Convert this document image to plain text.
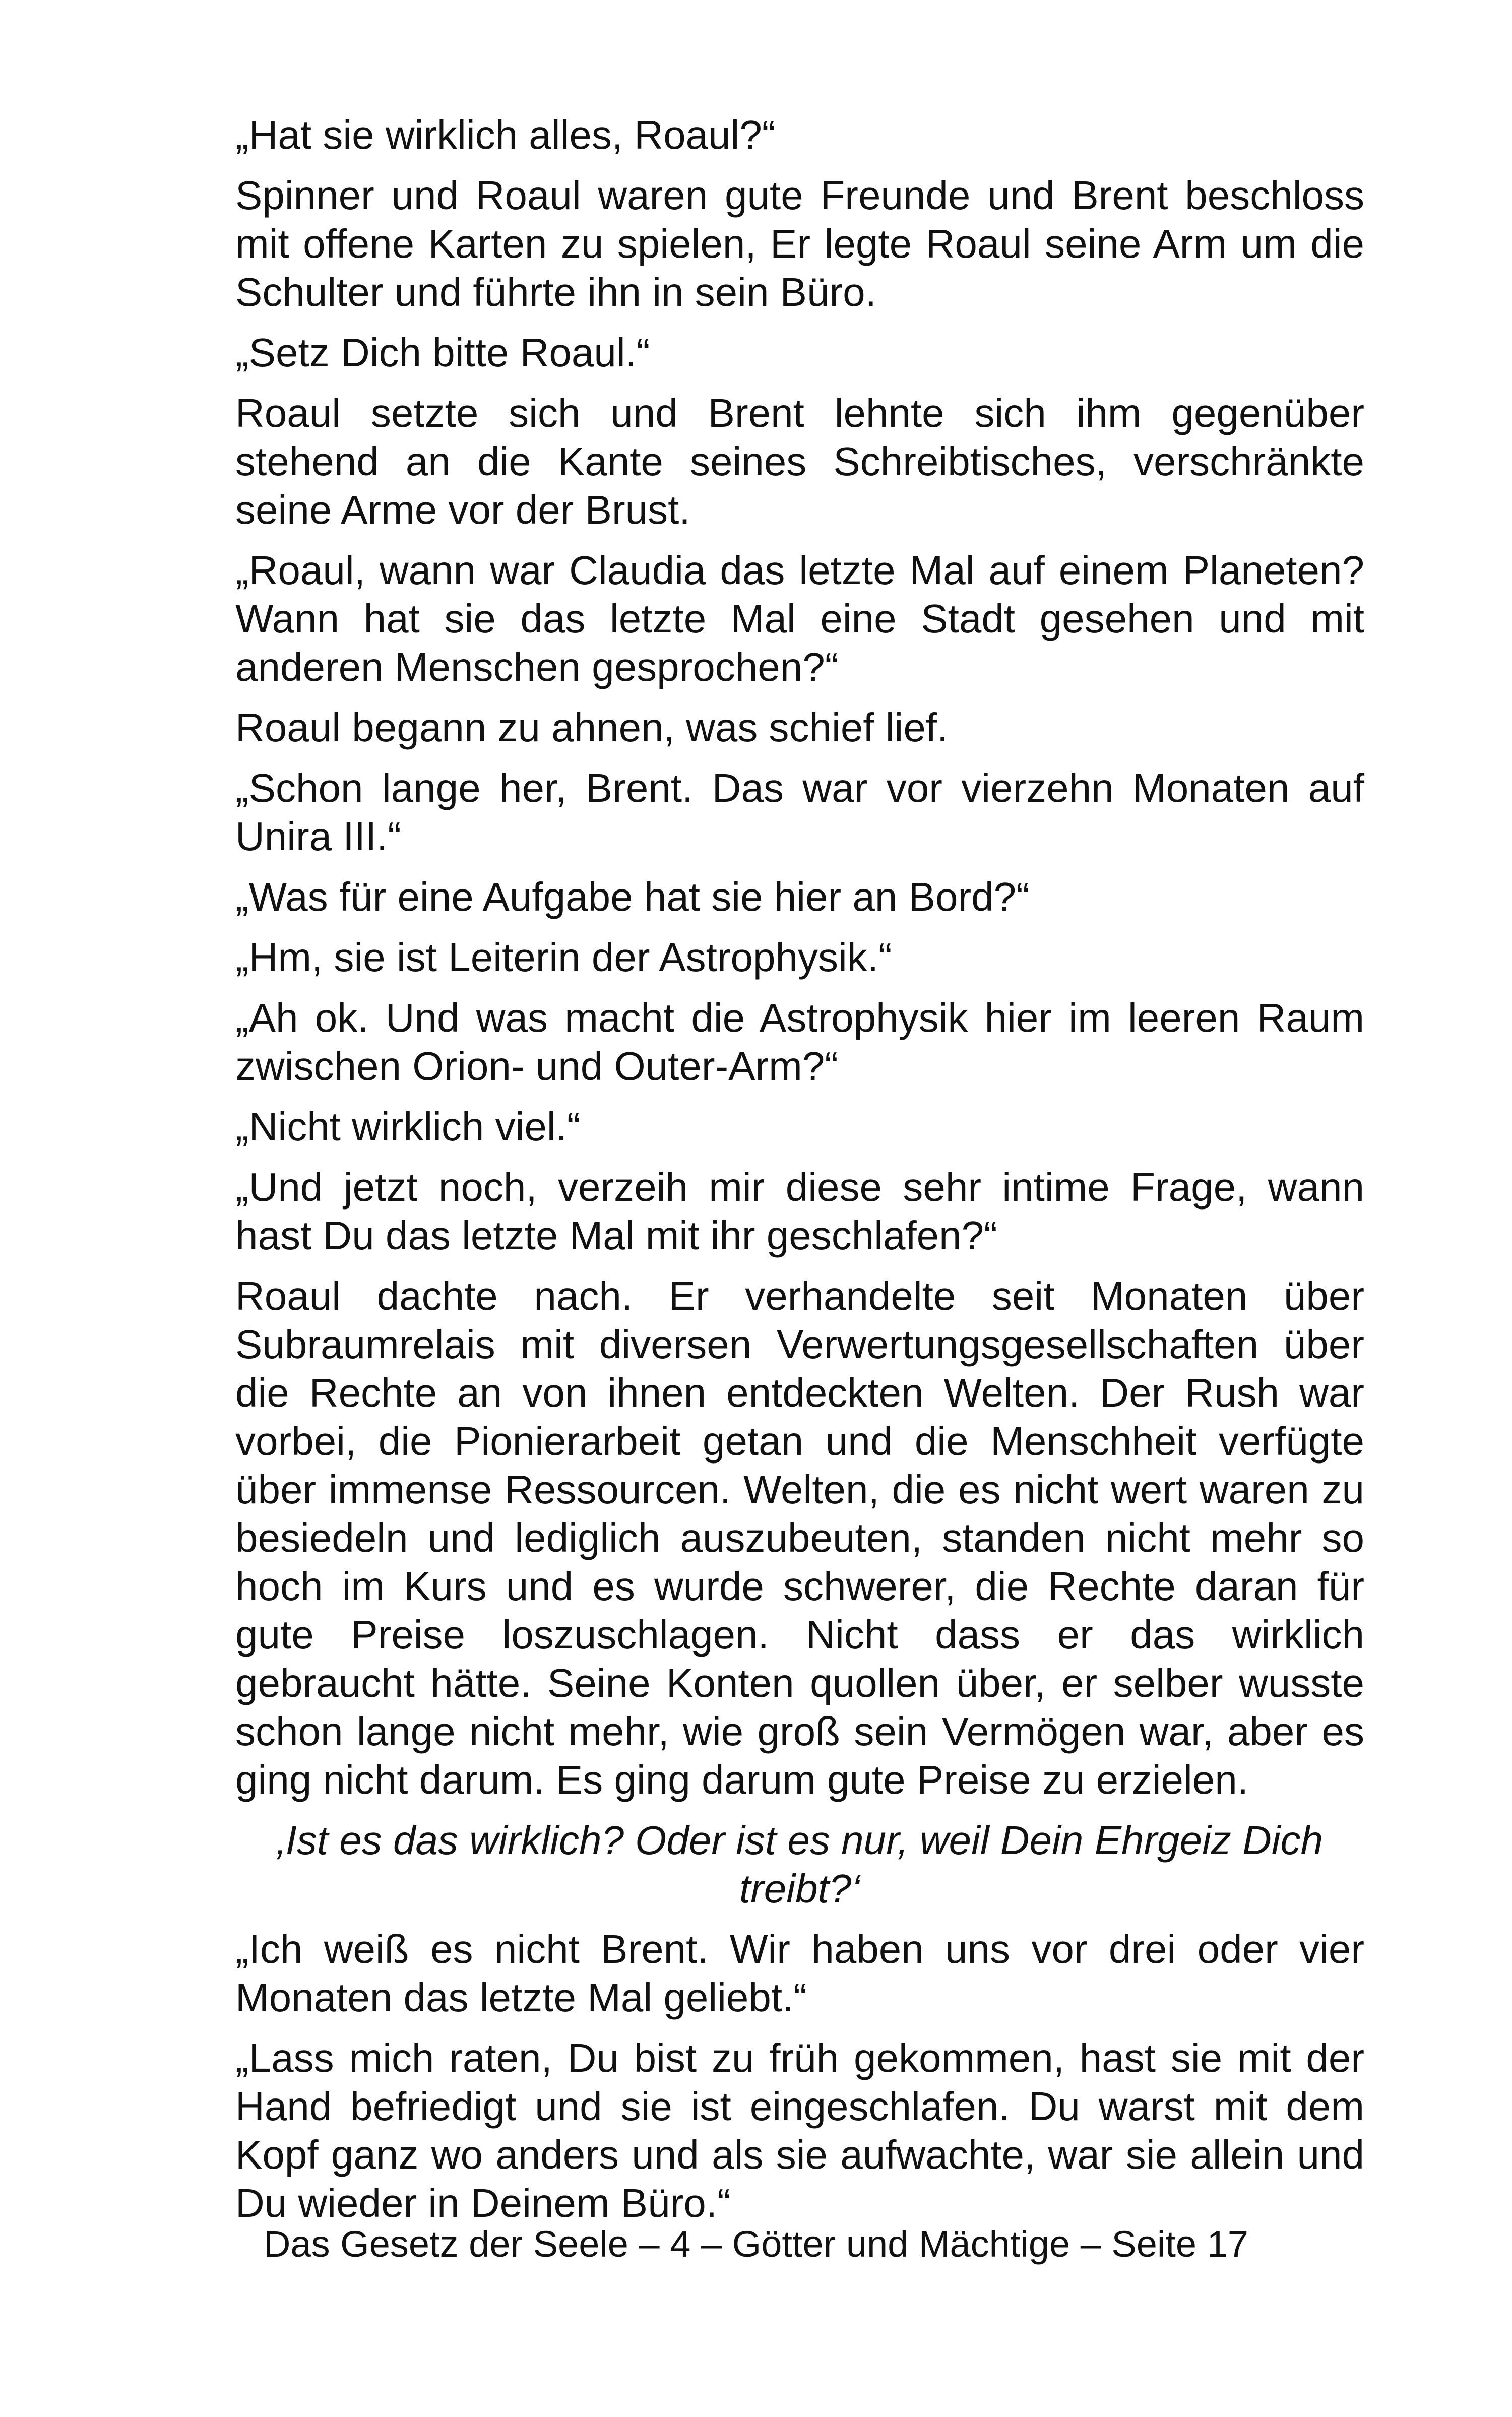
„Hat sie wirklich alles, Roaul?“

Spinner und Roaul waren gute Freunde und Brent beschloss mit offene Karten zu spielen, Er legte Roaul seine Arm um die Schulter und führte ihn in sein Büro.

„Setz Dich bitte Roaul.“

Roaul setzte sich und Brent lehnte sich ihm gegenüber stehend an die Kante seines Schreibtisches, verschränkte seine Arme vor der Brust.

„Roaul, wann war Claudia das letzte Mal auf einem Planeten? Wann hat sie das letzte Mal eine Stadt gesehen und mit anderen Menschen gesprochen?“

Roaul begann zu ahnen, was schief lief.

„Schon lange her, Brent. Das war vor vierzehn Monaten auf Unira III.“

„Was für eine Aufgabe hat sie hier an Bord?“

„Hm, sie ist Leiterin der Astrophysik.“

„Ah ok. Und was macht die Astrophysik hier im leeren Raum zwischen Orion- und Outer-Arm?“

„Nicht wirklich viel.“

„Und jetzt noch, verzeih mir diese sehr intime Frage, wann hast Du das letzte Mal mit ihr geschlafen?“

Roaul dachte nach. Er verhandelte seit Monaten über Subraumrelais mit diversen Verwertungsgesellschaften über die Rechte an von ihnen entdeckten Welten. Der Rush war vorbei, die Pionierarbeit getan und die Menschheit verfügte über immense Ressourcen. Welten, die es nicht wert waren zu besiedeln und lediglich auszubeuten, standen nicht mehr so hoch im Kurs und es wurde schwerer, die Rechte daran für gute Preise loszuschlagen. Nicht dass er das wirklich gebraucht hätte. Seine Konten quollen über, er selber wusste schon lange nicht mehr, wie groß sein Vermögen war, aber es ging nicht darum. Es ging darum gute Preise zu erzielen.

‚Ist es das wirklich? Oder ist es nur, weil Dein Ehrgeiz Dich treibt?‘

„Ich weiß es nicht Brent. Wir haben uns vor drei oder vier Monaten das letzte Mal geliebt.“

„Lass mich raten, Du bist zu früh gekommen, hast sie mit der Hand befriedigt und sie ist eingeschlafen. Du warst mit dem Kopf ganz wo anders und als sie aufwachte, war sie allein und Du wieder in Deinem Büro.“

Das Gesetz der Seele – 4 – Götter und Mächtige – Seite 17
